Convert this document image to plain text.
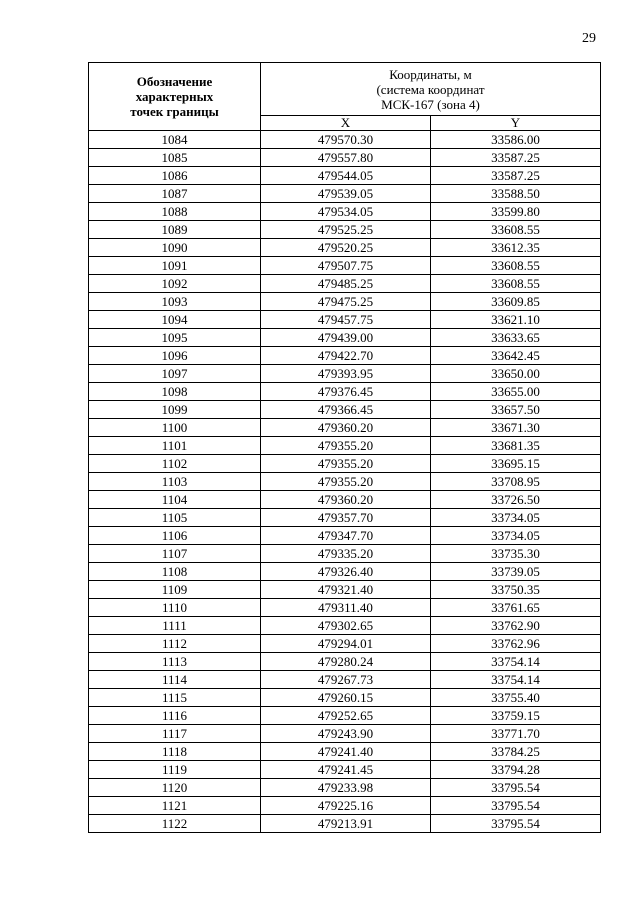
29
Обозначение
характерных
точек границы	Координаты, м
(система координат
МСК-167 (зона 4)	

	X	Y
1084	479570.30	33586.00
1085	479557.80	33587.25
1086	479544.05	33587.25
1087	479539.05	33588.50
1088	479534.05	33599.80
1089	479525.25	33608.55
1090	479520.25	33612.35
1091	479507.75	33608.55
1092	479485.25	33608.55
1093	479475.25	33609.85
1094	479457.75	33621.10
1095	479439.00	33633.65
1096	479422.70	33642.45
1097	479393.95	33650.00
1098	479376.45	33655.00
1099	479366.45	33657.50
1100	479360.20	33671.30
1101	479355.20	33681.35
1102	479355.20	33695.15
1103	479355.20	33708.95
1104	479360.20	33726.50
1105	479357.70	33734.05
1106	479347.70	33734.05
1107	479335.20	33735.30
1108	479326.40	33739.05
1109	479321.40	33750.35
1110	479311.40	33761.65
1111	479302.65	33762.90
1112	479294.01	33762.96
1113	479280.24	33754.14
1114	479267.73	33754.14
1115	479260.15	33755.40
1116	479252.65	33759.15
1117	479243.90	33771.70
1118	479241.40	33784.25
1119	479241.45	33794.28
1120	479233.98	33795.54
1121	479225.16	33795.54
1122	479213.91	33795.54
